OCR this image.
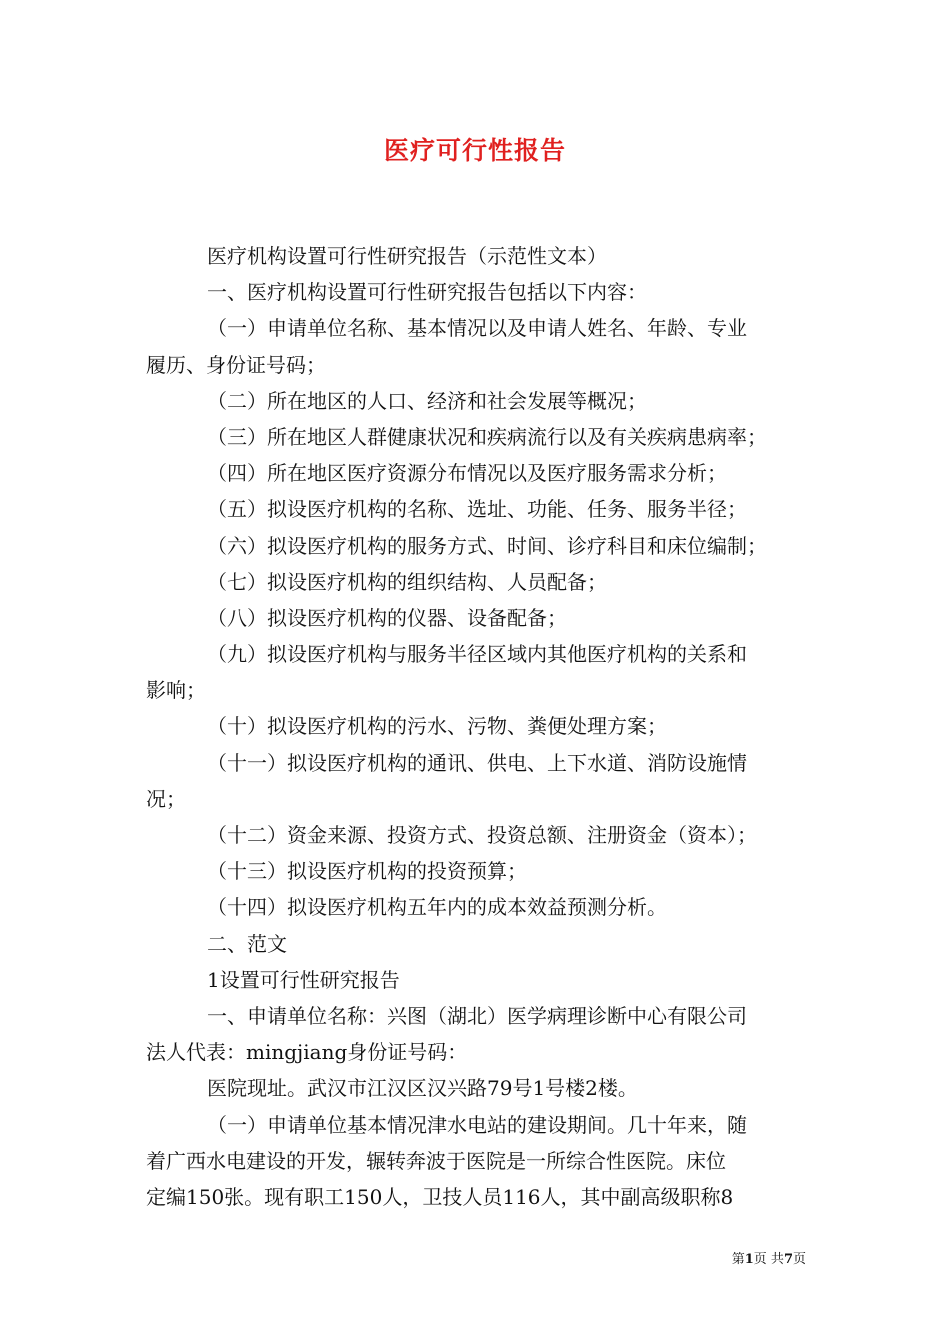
医疗可行性报告
医疗机构设置可行性研究报告（示范性文本）
一、医疗机构设置可行性研究报告包括以下内容：
（一）申请单位名称、基本情况以及申请人姓名、年龄、专业
履历、身份证号码；
（二）所在地区的人口、经济和社会发展等概况；
（三）所在地区人群健康状况和疾病流行以及有关疾病患病率；
（四）所在地区医疗资源分布情况以及医疗服务需求分析；
（五）拟设医疗机构的名称、选址、功能、任务、服务半径；
（六）拟设医疗机构的服务方式、时间、诊疗科目和床位编制；
（七）拟设医疗机构的组织结构、人员配备；
（八）拟设医疗机构的仪器、设备配备；
（九）拟设医疗机构与服务半径区域内其他医疗机构的关系和
影响；
（十）拟设医疗机构的污水、污物、粪便处理方案；
（十一）拟设医疗机构的通讯、供电、上下水道、消防设施情
况；
（十二）资金来源、投资方式、投资总额、注册资金（资本）；
（十三）拟设医疗机构的投资预算；
（十四）拟设医疗机构五年内的成本效益预测分析。
二、范文
1设置可行性研究报告
一、申请单位名称：兴图（湖北）医学病理诊断中心有限公司
法人代表：mingjiang身份证号码：
医院现址。武汉市江汉区汉兴路79号1号楼2楼。
（一）申请单位基本情况津水电站的建设期间。几十年来，随
着广西水电建设的开发，辗转奔波于医院是一所综合性医院。床位
定编150张。现有职工150人，卫技人员116人，其中副高级职称8
第1页 共7页
